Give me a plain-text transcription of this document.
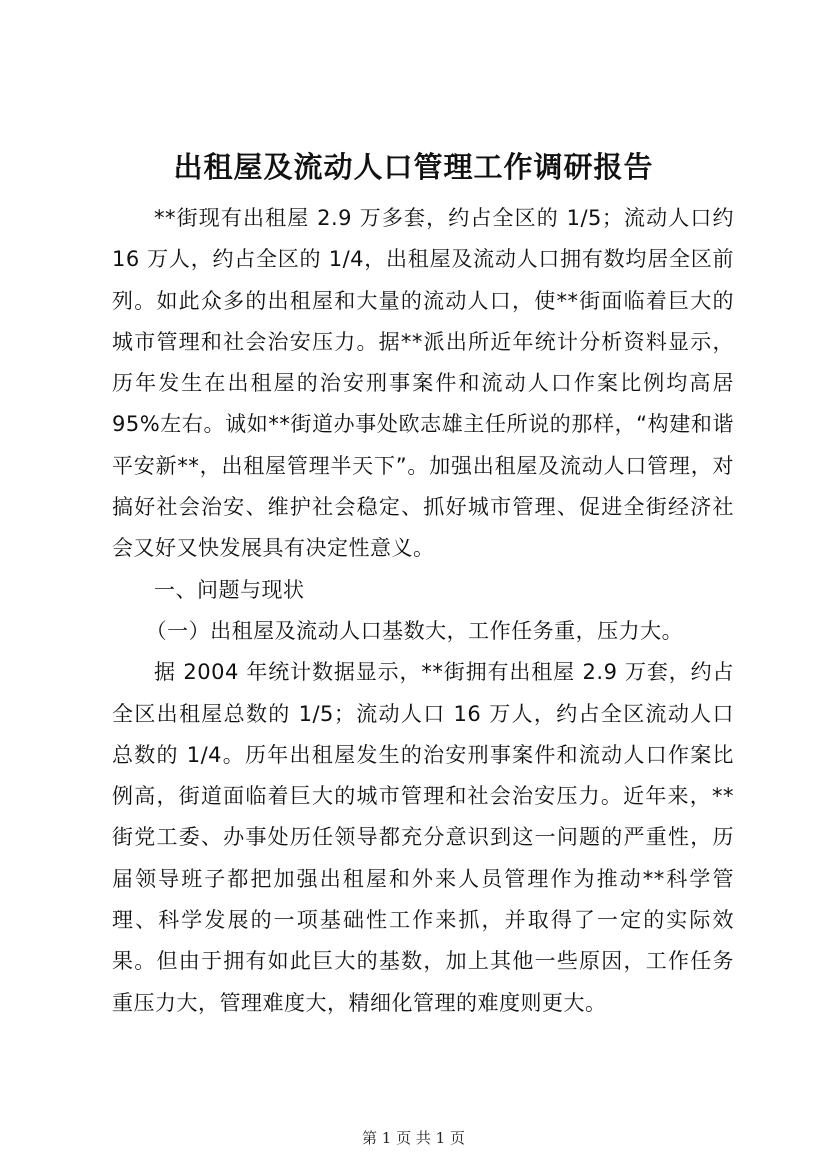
出租屋及流动人口管理工作调研报告

**街现有出租屋 2.9 万多套，约占全区的 1/5；流动人口约 16 万人，约占全区的 1/4，出租屋及流动人口拥有数均居全区前列。如此众多的出租屋和大量的流动人口，使**街面临着巨大的城市管理和社会治安压力。据**派出所近年统计分析资料显示，历年发生在出租屋的治安刑事案件和流动人口作案比例均高居 95%左右。诚如**街道办事处欧志雄主任所说的那样，“构建和谐平安新**，出租屋管理半天下”。加强出租屋及流动人口管理，对搞好社会治安、维护社会稳定、抓好城市管理、促进全街经济社会又好又快发展具有决定性意义。

一、问题与现状

（一）出租屋及流动人口基数大，工作任务重，压力大。

据 2004 年统计数据显示，**街拥有出租屋 2.9 万套，约占全区出租屋总数的 1/5；流动人口 16 万人，约占全区流动人口总数的 1/4。历年出租屋发生的治安刑事案件和流动人口作案比例高，街道面临着巨大的城市管理和社会治安压力。近年来，**街党工委、办事处历任领导都充分意识到这一问题的严重性，历届领导班子都把加强出租屋和外来人员管理作为推动**科学管理、科学发展的一项基础性工作来抓，并取得了一定的实际效果。但由于拥有如此巨大的基数，加上其他一些原因，工作任务重压力大，管理难度大，精细化管理的难度则更大。

第 1 页 共 1 页
